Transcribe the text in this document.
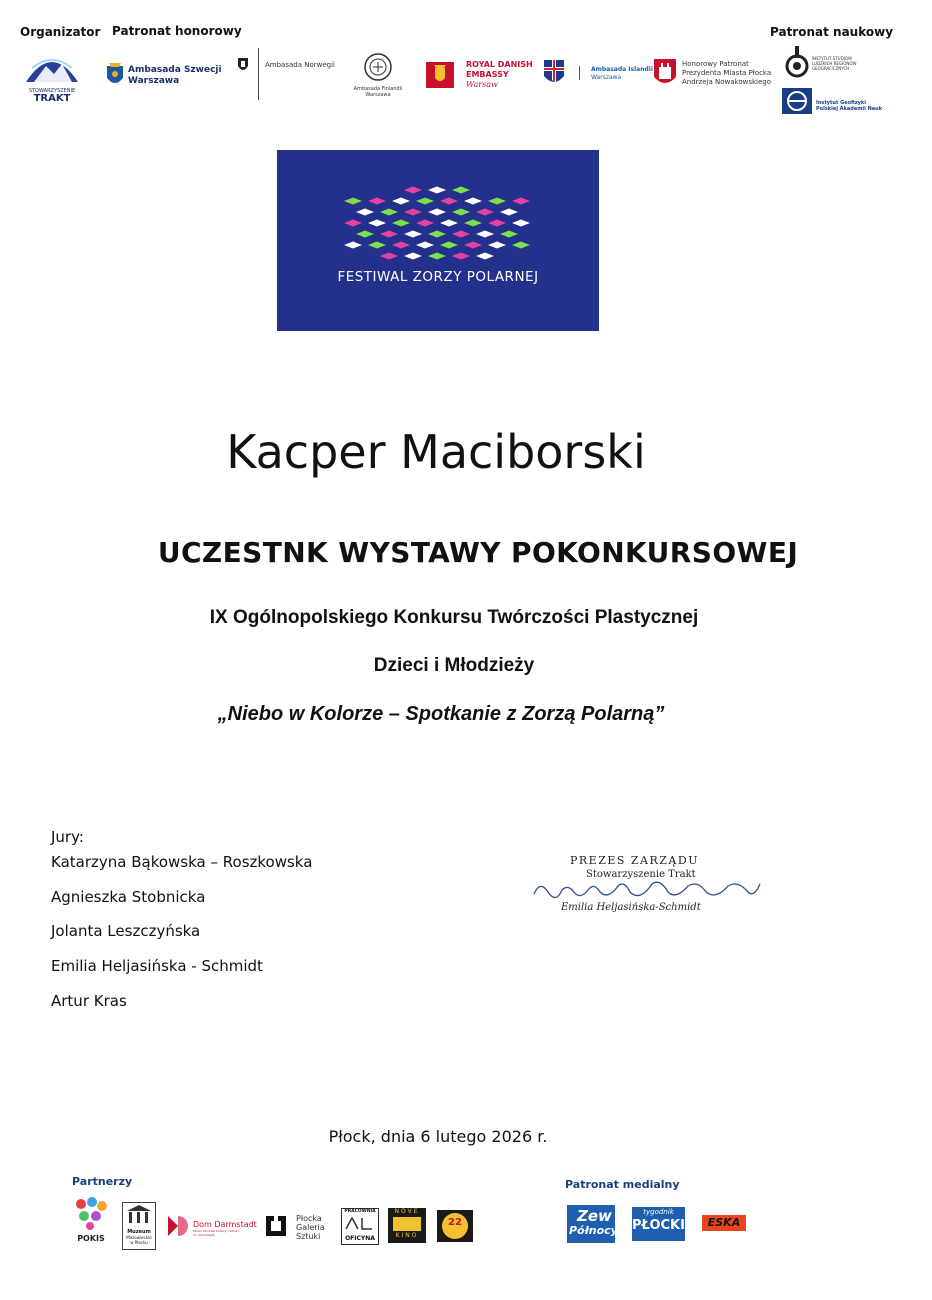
Organizator Patronat honorowy	Patronat naukowy
STOWARZYSZENIE
TRAKT
Ambasada Szwecji
Warszawa
Ambasada Norwegii
Ambasada Finlandii
Warszawa
ROYAL DANISH
EMBASSY
Warsaw
Ambasada Islandii
Warszawa
Honorowy Patronat
Prezydenta Miasta Płocka
Andrzeja Nowakowskiego
INSTYTUT STUDIÓW
LUDZKICH REGIONÓW
GEOGRAFICZNYCH
Instytut Geofizyki
Polskiej Akademii Nauk
FESTIWAL ZORZY POLARNEJ
Kacper Maciborski
UCZESTNK WYSTAWY POKONKURSOWEJ
IX Ogólnopolskiego Konkursu Twórczości Plastycznej
Dzieci i Młodzieży
„Niebo w Kolorze – Spotkanie z Zorzą Polarną”
Jury:
Katarzyna Bąkowska – Roszkowska
Agnieszka Stobnicka
Jolanta Leszczyńska
Emilia Heljasińska - Schmidt
Artur Kras
PREZES ZARZĄDU
Stowarzyszenie Trakt
Emilia Heljasińska-Schmidt
Płock, dnia 6 lutego 2026 r.
Partnerzy	Patronat medialny
POKIS
Muzeum
Mazowieckie
w Płocku
Dom Darmstadt
Płocki Ośrodek Kultury i Sztuki
im. Darmstadt
Płocka
Galeria
Sztuki
PRACOWNIA
OFICYNA
NOVE
KINO
22	Zew
Północy
tygodnik
PŁOCKI	ESKA
